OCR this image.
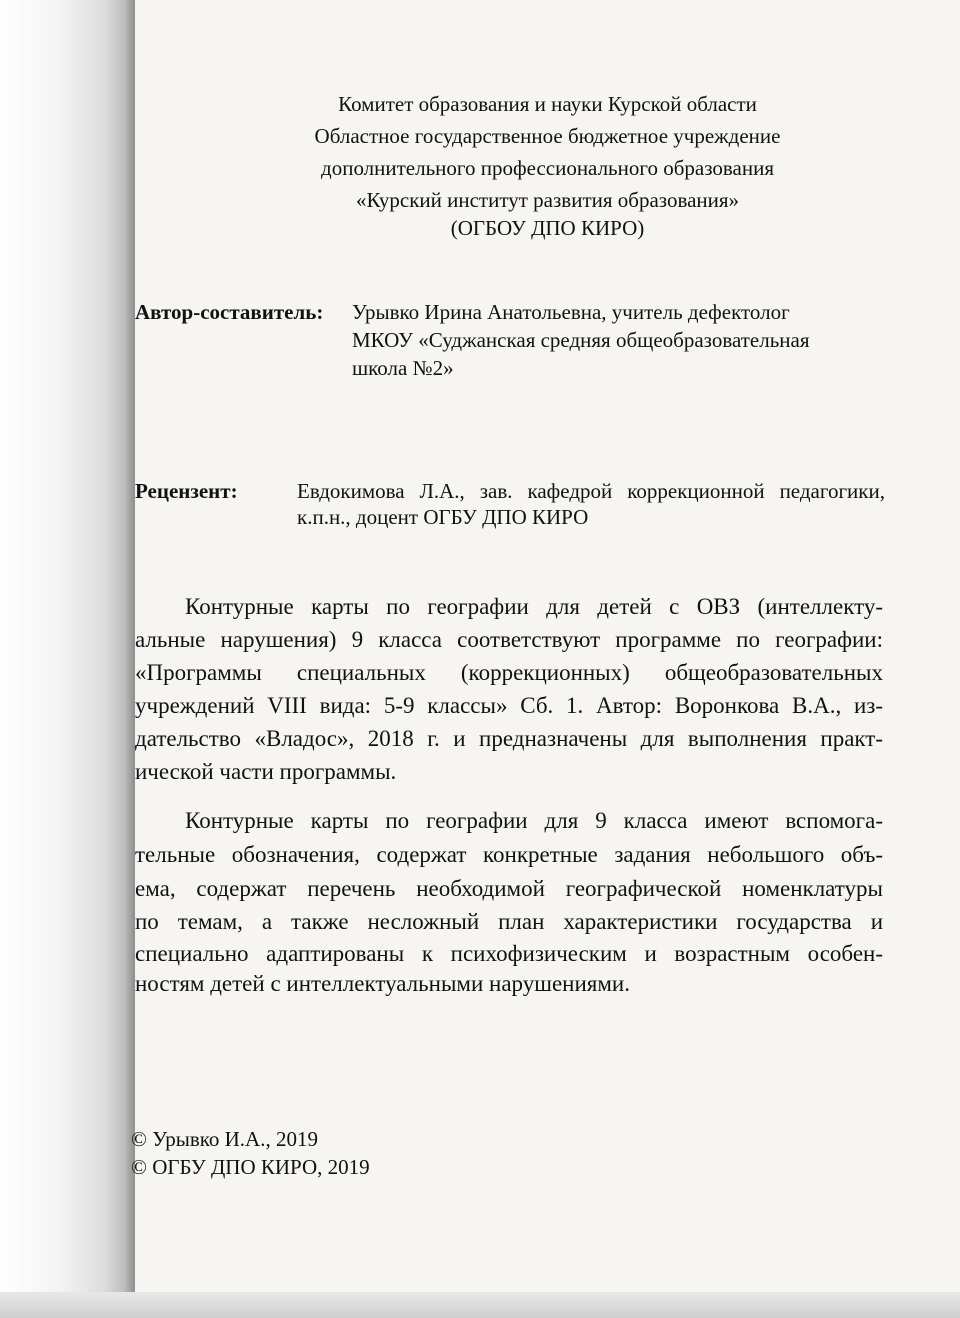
Комитет образования и науки Курской области

Областное государственное бюджетное учреждение

дополнительного профессионального образования

«Курский институт развития образования»

(ОГБОУ ДПО КИРО)

Автор-составитель: Урывко Ирина Анатольевна, учитель дефектолог

МКОУ «Суджанская средняя общеобразовательная

школа №2»

Рецензент:	Евдокимова Л.А., зав. кафедрой коррекционной педагогики,

к.п.н., доцент ОГБУ ДПО КИРО

Контурные карты по географии для детей с ОВЗ (интеллекту-

альные нарушения) 9 класса соответствуют программе по географии:

«Программы специальных (коррекционных) общеобразовательных

учреждений VIII вида: 5-9 классы» Сб. 1. Автор: Воронкова В.А., из-

дательство «Владос», 2018 г. и предназначены для выполнения практ-

ической части программы.

Контурные карты по географии для 9 класса имеют вспомога-

тельные обозначения, содержат конкретные задания небольшого объ-

ема, содержат перечень необходимой географической номенклатуры

по темам, а также несложный план характеристики государства и

специально адаптированы к психофизическим и возрастным особен-

ностям детей с интеллектуальными нарушениями.

© Урывко И.А., 2019

© ОГБУ ДПО КИРО, 2019
